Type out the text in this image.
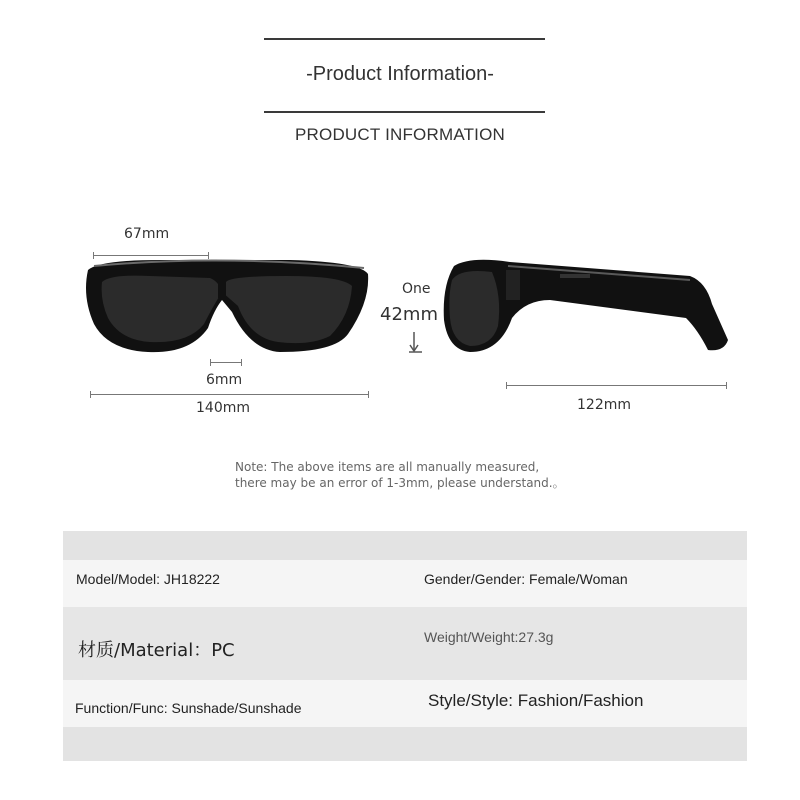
-Product Information-
PRODUCT INFORMATION
67mm
6mm
140mm
One
42mm
122mm
Note: The above items are all manually measured,
there may be an error of 1-3mm, please understand.。
Model/Model: JH18222	Gender/Gender: Female/Woman
材质/Material：PC
Weight/Weight:27.3g
Function/Func: Sunshade/Sunshade	Style/Style: Fashion/Fashion
